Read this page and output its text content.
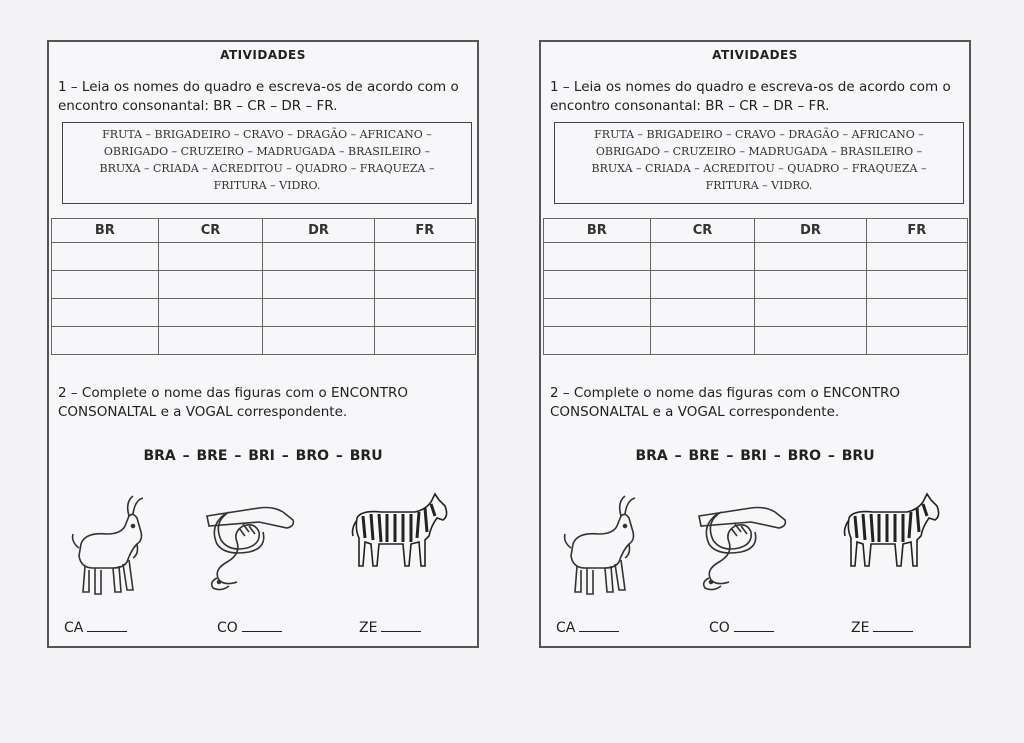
ATIVIDADES
1 – Leia os nomes do quadro e escreva-os de acordo com o encontro consonantal: BR – CR – DR – FR.
FRUTA – BRIGADEIRO – CRAVO – DRAGÃO – AFRICANO –
OBRIGADO – CRUZEIRO – MADRUGADA – BRASILEIRO –
BRUXA – CRIADA – ACREDITOU – QUADRO – FRAQUEZA –
FRITURA – VIDRO.
BR	CR	DR	FR

2 – Complete o nome das figuras com o ENCONTRO CONSONALTAL e a VOGAL correspondente.
BRA – BRE – BRI – BRO – BRU
CA	CO	ZE
ATIVIDADES
1 – Leia os nomes do quadro e escreva-os de acordo com o encontro consonantal: BR – CR – DR – FR.
FRUTA – BRIGADEIRO – CRAVO – DRAGÃO – AFRICANO –
OBRIGADO – CRUZEIRO – MADRUGADA – BRASILEIRO –
BRUXA – CRIADA – ACREDITOU – QUADRO – FRAQUEZA –
FRITURA – VIDRO.
BR	CR	DR	FR

2 – Complete o nome das figuras com o ENCONTRO CONSONALTAL e a VOGAL correspondente.
BRA – BRE – BRI – BRO – BRU
CA	CO	ZE
